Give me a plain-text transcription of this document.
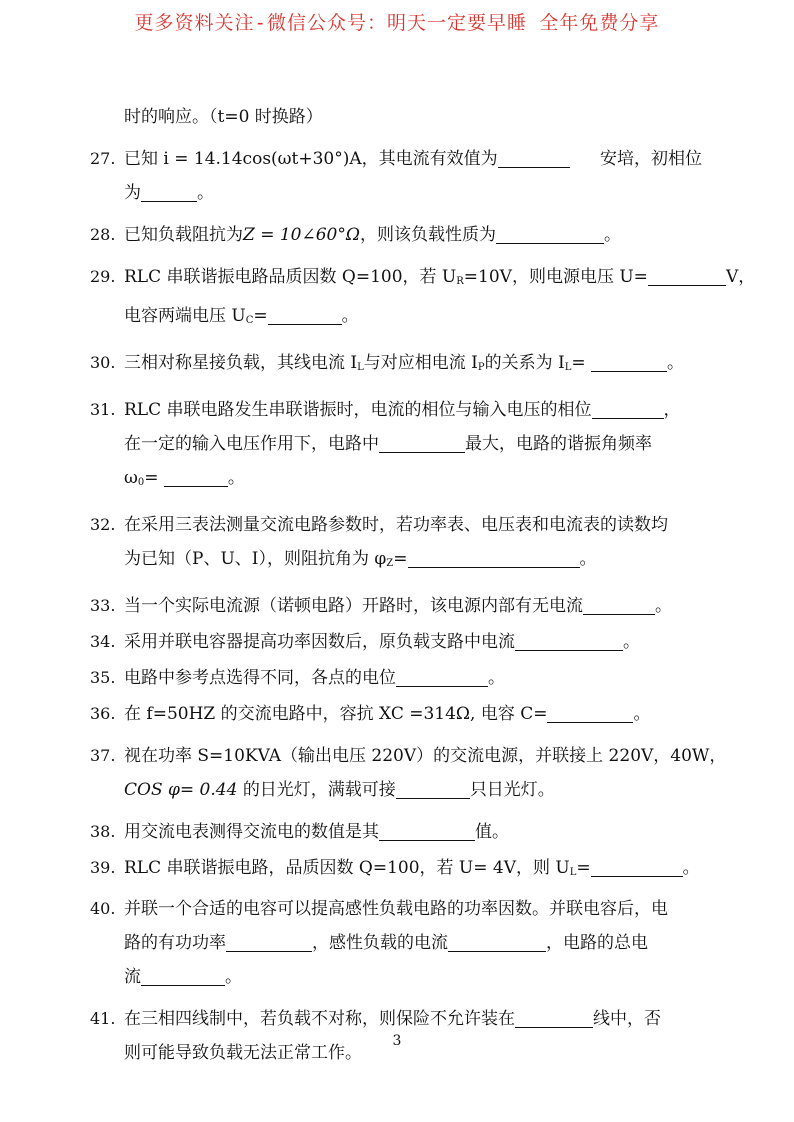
更多资料关注-微信公众号：明天一定要早睡 全年免费分享
时的响应。（t=0 时换路）
27. 已知 i = 14.14cos(ωt+30°)A，其电流有效值为	安培，初相位
为	。
28. 已知负载阻抗为Z = 10∠60°Ω，则该负载性质为	。
29. RLC 串联谐振电路品质因数 Q=100，若 $U_R=10V$，则电源电压 U=	V，
电容两端电压 $U_C=$	。
30. 三相对称星接负载，其线电流 $I_L$与对应相电流 $I_P$的关系为 $I_L=$	。
31. RLC 串联电路发生串联谐振时，电流的相位与输入电压的相位	，
在一定的输入电压作用下，电路中	最大，电路的谐振角频率
$\omega_0=$	。
32. 在采用三表法测量交流电路参数时，若功率表、电压表和电流表的读数均
为已知（P、U、I），则阻抗角为 $\varphi_Z=$	。
33. 当一个实际电流源（诺顿电路）开路时，该电源内部有无电流	。
34. 采用并联电容器提高功率因数后，原负载支路中电流	。
35. 电路中参考点选得不同，各点的电位	。
36. 在 f=50HZ 的交流电路中，容抗 XC =314Ω, 电容 C=	。
37. 视在功率 S=10KVA（输出电压 220V）的交流电源，并联接上 220V，40W，
COS φ= 0.44 的日光灯，满载可接	只日光灯。
38. 用交流电表测得交流电的数值是其	值。
39. RLC 串联谐振电路，品质因数 Q=100，若 U= 4V，则 $U_L=$	。
40. 并联一个合适的电容可以提高感性负载电路的功率因数。并联电容后，电
路的有功功率	，感性负载的电流	，电路的总电
流	。
41. 在三相四线制中，若负载不对称，则保险不允许装在	线中，否
则可能导致负载无法正常工作。
3
